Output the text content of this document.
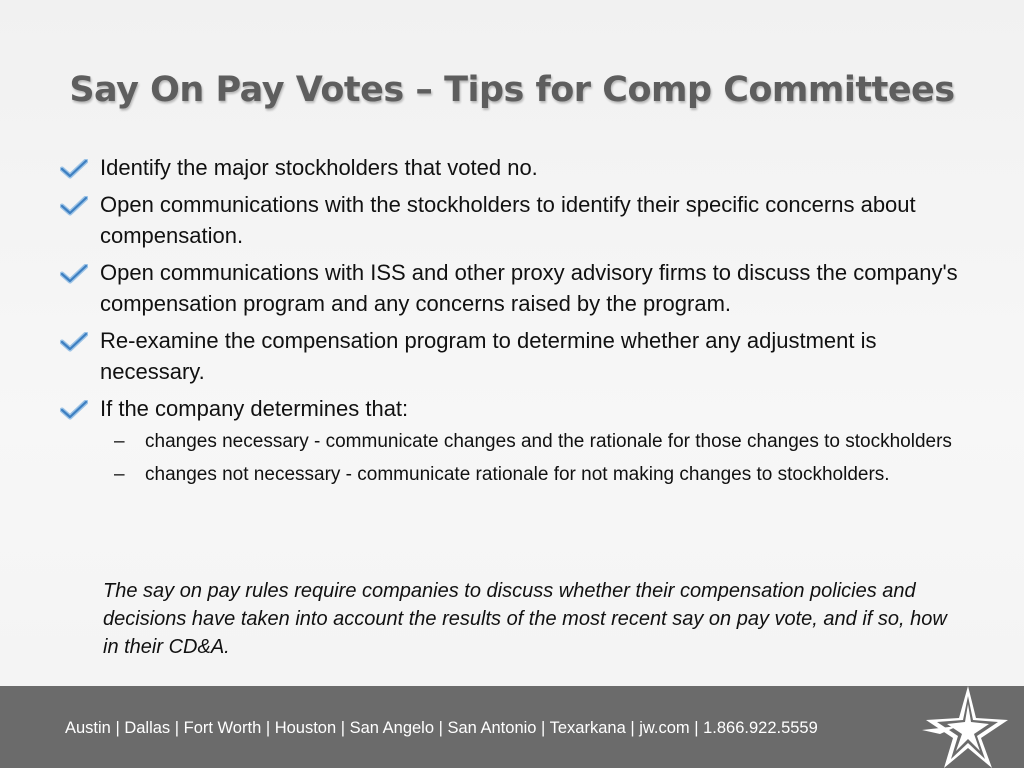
Say On Pay Votes – Tips for Comp Committees
Identify the major stockholders that voted no.
Open communications with the stockholders to identify their specific concerns about compensation.
Open communications with ISS and other proxy advisory firms to discuss the company's compensation program and any concerns raised by the program.
Re-examine the compensation program to determine whether any adjustment is necessary.
If the company determines that:
– changes necessary - communicate changes and the rationale for those changes to stockholders
– changes not necessary - communicate rationale for not making changes to stockholders.

The say on pay rules require companies to discuss whether their compensation policies and decisions have taken into account the results of the most recent say on pay vote, and if so, how in their CD&A.

Austin | Dallas | Fort Worth | Houston | San Angelo | San Antonio | Texarkana | jw.com | 1.866.922.5559
